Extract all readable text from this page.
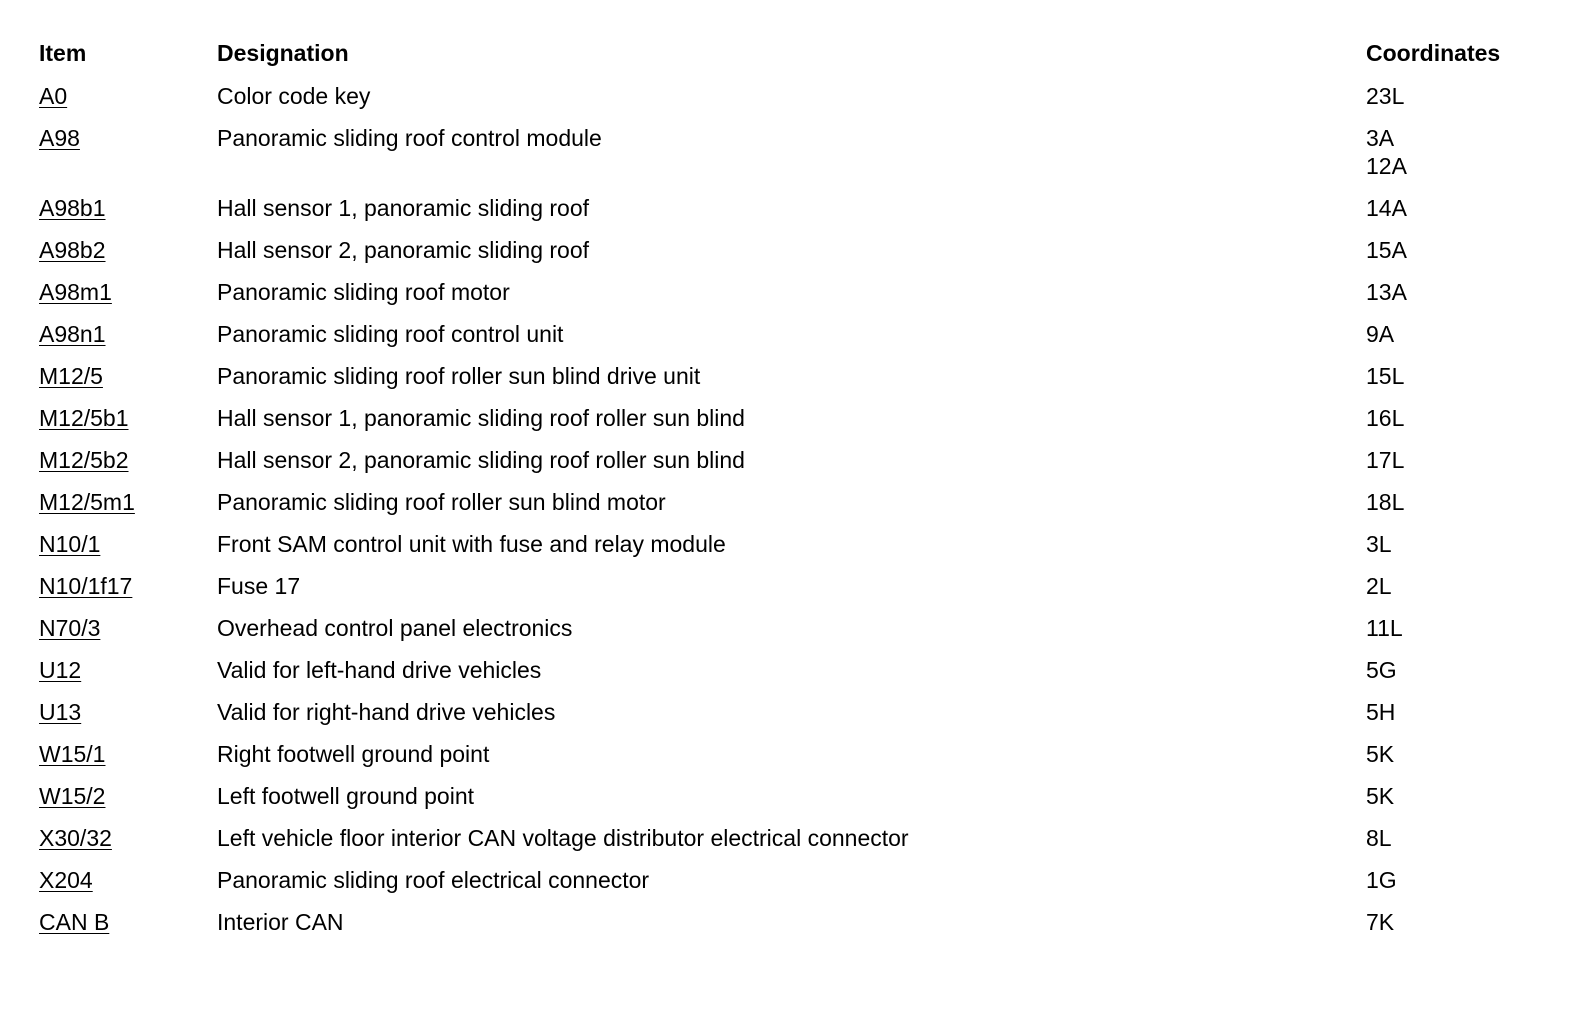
Item	Designation	Coordinates
A0	Color code key	23L
A98	Panoramic sliding roof control module	3A
12A
A98b1	Hall sensor 1, panoramic sliding roof	14A
A98b2	Hall sensor 2, panoramic sliding roof	15A
A98m1	Panoramic sliding roof motor	13A
A98n1	Panoramic sliding roof control unit	9A
M12/5	Panoramic sliding roof roller sun blind drive unit	15L
M12/5b1	Hall sensor 1, panoramic sliding roof roller sun blind	16L
M12/5b2	Hall sensor 2, panoramic sliding roof roller sun blind	17L
M12/5m1	Panoramic sliding roof roller sun blind motor	18L
N10/1	Front SAM control unit with fuse and relay module	3L
N10/1f17	Fuse 17	2L
N70/3	Overhead control panel electronics	11L
U12	Valid for left-hand drive vehicles	5G
U13	Valid for right-hand drive vehicles	5H
W15/1	Right footwell ground point	5K
W15/2	Left footwell ground point	5K
X30/32	Left vehicle floor interior CAN voltage distributor electrical connector	8L
X204	Panoramic sliding roof electrical connector	1G
CAN B	Interior CAN	7K
